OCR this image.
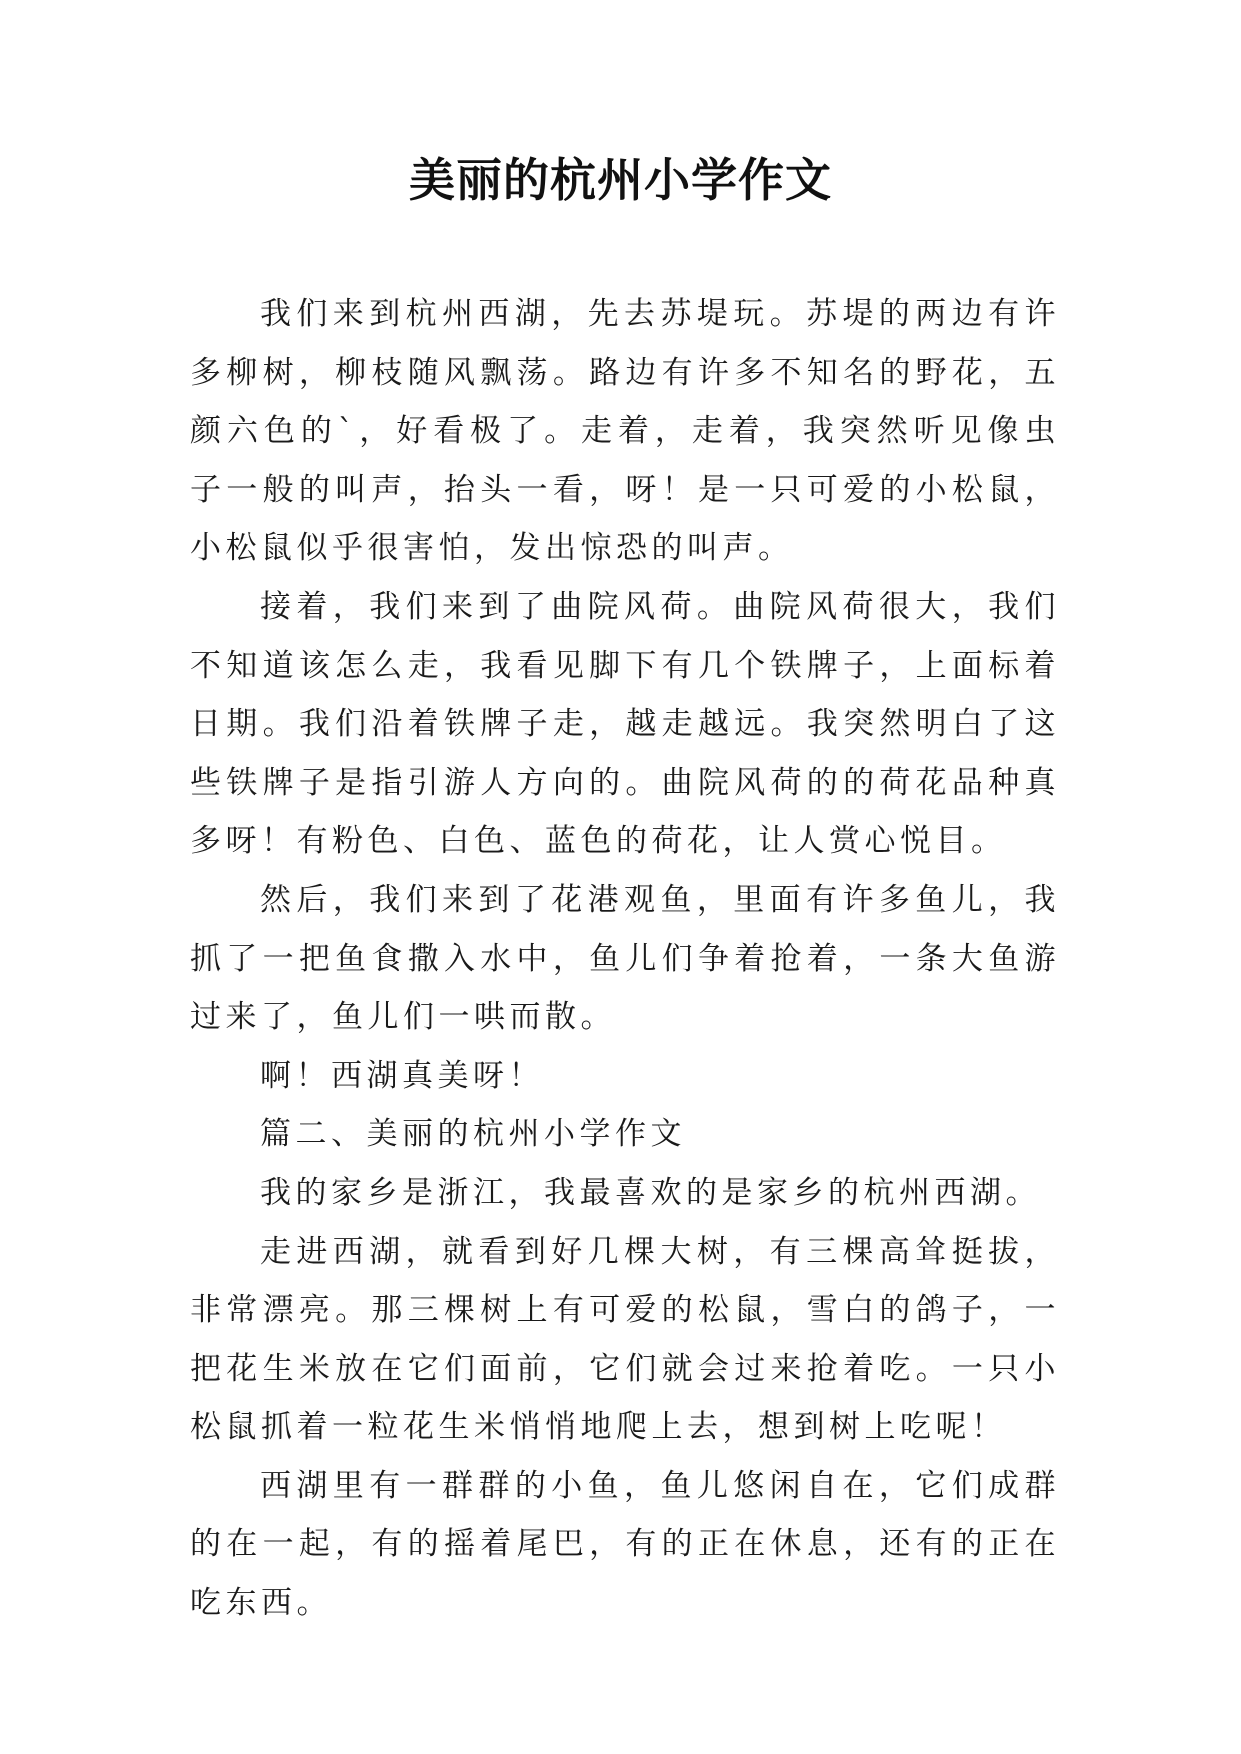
美丽的杭州小学作文

我们来到杭州西湖，先去苏堤玩。苏堤的两边有许多柳树，柳枝随风飘荡。路边有许多不知名的野花，五颜六色的`，好看极了。走着，走着，我突然听见像虫子一般的叫声，抬头一看，呀！是一只可爱的小松鼠，小松鼠似乎很害怕，发出惊恐的叫声。

接着，我们来到了曲院风荷。曲院风荷很大，我们不知道该怎么走，我看见脚下有几个铁牌子，上面标着日期。我们沿着铁牌子走，越走越远。我突然明白了这些铁牌子是指引游人方向的。曲院风荷的的荷花品种真多呀！有粉色、白色、蓝色的荷花，让人赏心悦目。

然后，我们来到了花港观鱼，里面有许多鱼儿，我抓了一把鱼食撒入水中，鱼儿们争着抢着，一条大鱼游过来了，鱼儿们一哄而散。

啊！西湖真美呀！

篇二、美丽的杭州小学作文

我的家乡是浙江，我最喜欢的是家乡的杭州西湖。

走进西湖，就看到好几棵大树，有三棵高耸挺拔，非常漂亮。那三棵树上有可爱的松鼠，雪白的鸽子，一把花生米放在它们面前，它们就会过来抢着吃。一只小松鼠抓着一粒花生米悄悄地爬上去，想到树上吃呢！

西湖里有一群群的小鱼，鱼儿悠闲自在，它们成群的在一起，有的摇着尾巴，有的正在休息，还有的正在吃东西。
